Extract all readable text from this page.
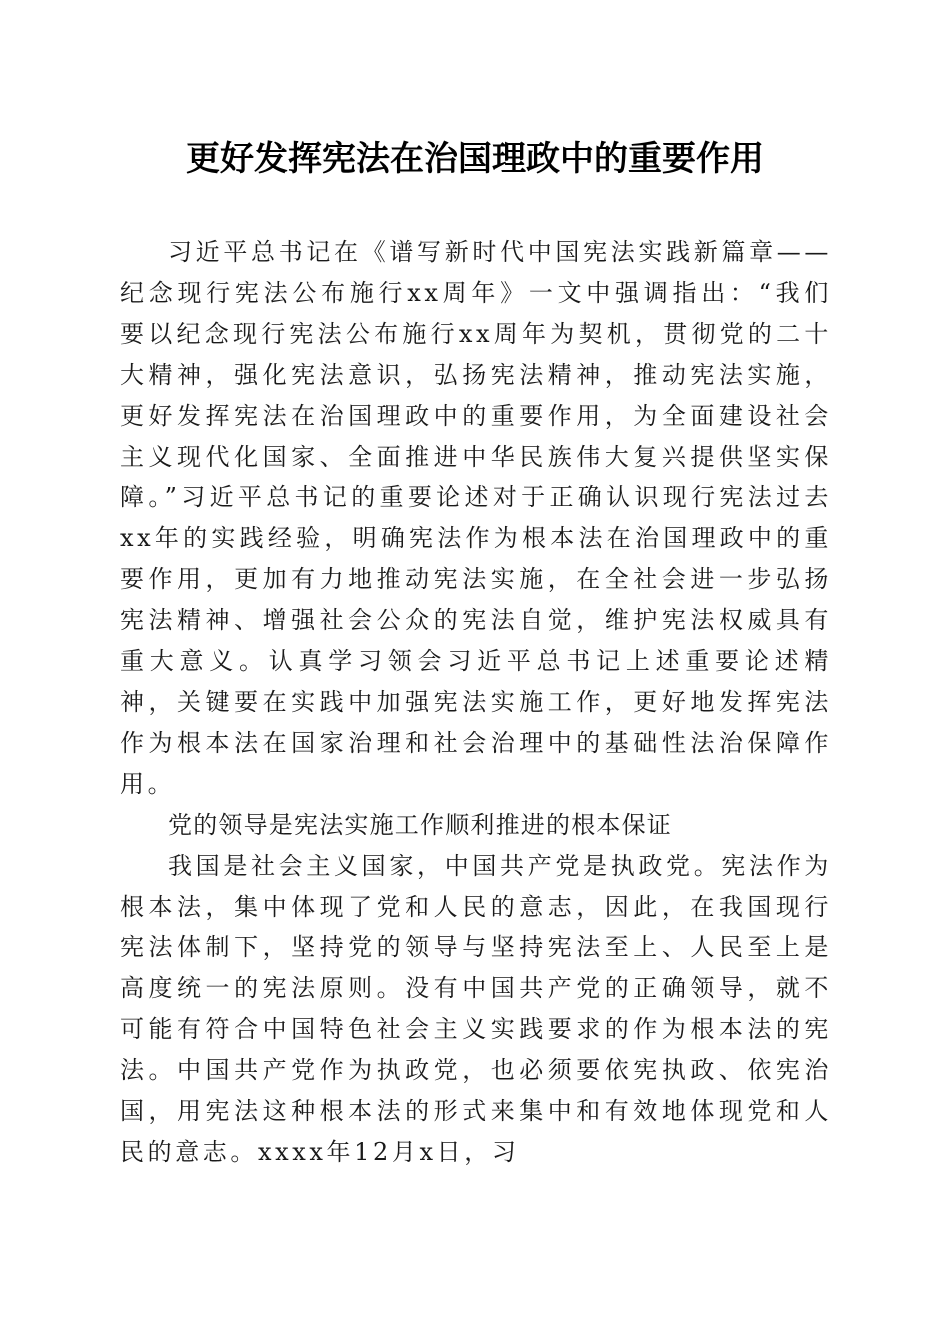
更好发挥宪法在治国理政中的重要作用

习近平总书记在《谱写新时代中国宪法实践新篇章——纪念现行宪法公布施行xx周年》一文中强调指出：“我们要以纪念现行宪法公布施行xx周年为契机，贯彻党的二十大精神，强化宪法意识，弘扬宪法精神，推动宪法实施，更好发挥宪法在治国理政中的重要作用，为全面建设社会主义现代化国家、全面推进中华民族伟大复兴提供坚实保障。”习近平总书记的重要论述对于正确认识现行宪法过去xx年的实践经验，明确宪法作为根本法在治国理政中的重要作用，更加有力地推动宪法实施，在全社会进一步弘扬宪法精神、增强社会公众的宪法自觉，维护宪法权威具有重大意义。认真学习领会习近平总书记上述重要论述精神，关键要在实践中加强宪法实施工作，更好地发挥宪法作为根本法在国家治理和社会治理中的基础性法治保障作用。

党的领导是宪法实施工作顺利推进的根本保证

我国是社会主义国家，中国共产党是执政党。宪法作为根本法，集中体现了党和人民的意志，因此，在我国现行宪法体制下，坚持党的领导与坚持宪法至上、人民至上是高度统一的宪法原则。没有中国共产党的正确领导，就不可能有符合中国特色社会主义实践要求的作为根本法的宪法。中国共产党作为执政党，也必须要依宪执政、依宪治国，用宪法这种根本法的形式来集中和有效地体现党和人民的意志。xxxx年12月x日，习
